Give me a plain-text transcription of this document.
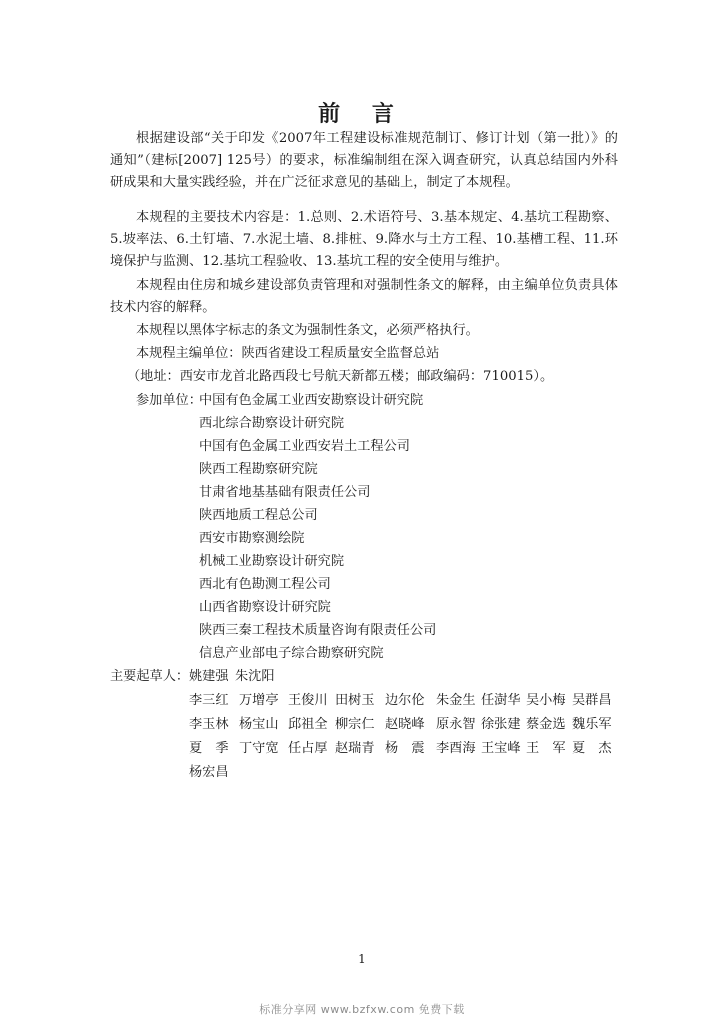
前 言

根据建设部“关于印发《2007年工程建设标准规范制订、修订计划（第一批）》的通知”（建标[2007] 125号）的要求，标准编制组在深入调查研究，认真总结国内外科研成果和大量实践经验，并在广泛征求意见的基础上，制定了本规程。

本规程的主要技术内容是：1.总则、2.术语符号、3.基本规定、4.基坑工程勘察、5.坡率法、6.土钉墙、7.水泥土墙、8.排桩、9.降水与土方工程、10.基槽工程、11.环境保护与监测、12.基坑工程验收、13.基坑工程的安全使用与维护。

本规程由住房和城乡建设部负责管理和对强制性条文的解释，由主编单位负责具体技术内容的解释。

本规程以黑体字标志的条文为强制性条文，必须严格执行。
本规程主编单位：陕西省建设工程质量安全监督总站
（地址：西安市龙首北路西段七号航天新都五楼；邮政编码：710015）。
参加单位：
中国有色金属工业西安勘察设计研究院
西北综合勘察设计研究院
中国有色金属工业西安岩土工程公司
陕西工程勘察研究院
甘肃省地基基础有限责任公司
陕西地质工程总公司
西安市勘察测绘院
机械工业勘察设计研究院
西北有色勘测工程公司
山西省勘察设计研究院
陕西三秦工程技术质量咨询有限责任公司
信息产业部电子综合勘察研究院
主要起草人： 姚建强 朱沈阳
李三红 万增亭 王俊川 田树玉 边尔伦 朱金生 任澍华 吴小梅 吴群昌
李玉林 杨宝山 邱祖全 柳宗仁 赵晓峰 原永智 徐张建 蔡金选 魏乐军
夏　季 丁守宽 任占厚 赵瑞青 杨　震 李酉海 王宝峰 王　军 夏　杰
杨宏昌
1
标准分享网 www.bzfxw.com 免费下载
